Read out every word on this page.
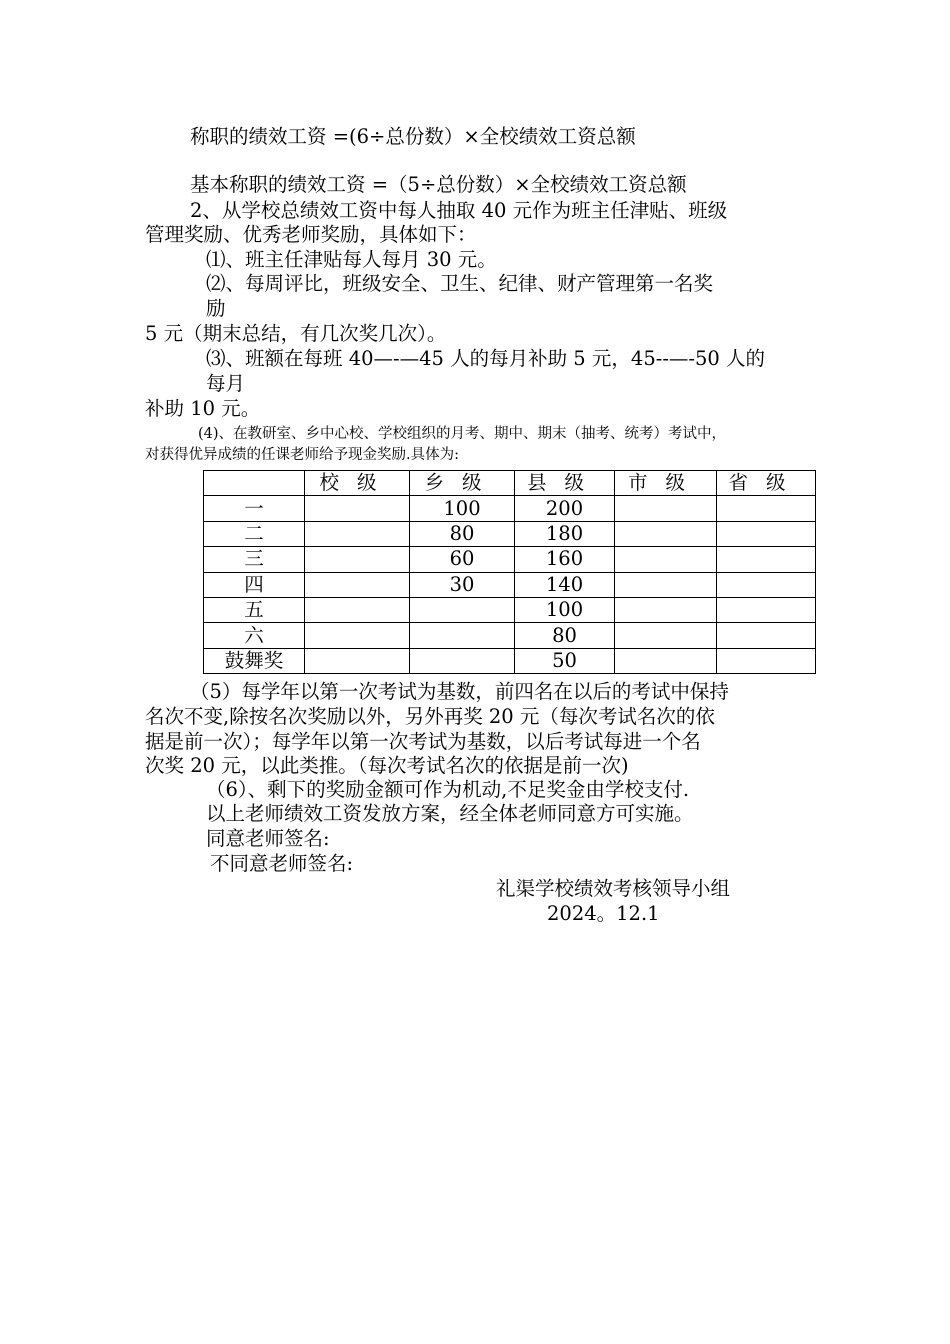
称职的绩效工资 =(6÷总份数）×全校绩效工资总额
基本称职的绩效工资 =（5÷总份数）×全校绩效工资总额
2、从学校总绩效工资中每人抽取 40 元作为班主任津贴、班级
管理奖励、优秀老师奖励，具体如下：
⑴、班主任津贴每人每月 30 元。
⑵、每周评比，班级安全、卫生、纪律、财产管理第一名奖
励
5 元（期末总结，有几次奖几次）。
⑶、班额在每班 40—-—45 人的每月补助 5 元，45--—-50 人的
每月
补助 10 元。
(4)、在教研室、乡中心校、学校组织的月考、期中、期末（抽考、统考）考试中，
对获得优异成绩的任课老师给予现金奖励.具体为:
	校级	乡级	县级	市级	省级
一		100	200		
二		80	180		
三		60	160		
四		30	140		
五			100		
六			80		
鼓舞奖			50		
（5）每学年以第一次考试为基数，前四名在以后的考试中保持
名次不变,除按名次奖励以外，另外再奖 20 元（每次考试名次的依
据是前一次）；每学年以第一次考试为基数，以后考试每进一个名
次奖 20 元，以此类推。（每次考试名次的依据是前一次)
（6）、剩下的奖励金额可作为机动,不足奖金由学校支付.
以上老师绩效工资发放方案，经全体老师同意方可实施。
同意老师签名:
不同意老师签名:
礼渠学校绩效考核领导小组
2024。12.1
